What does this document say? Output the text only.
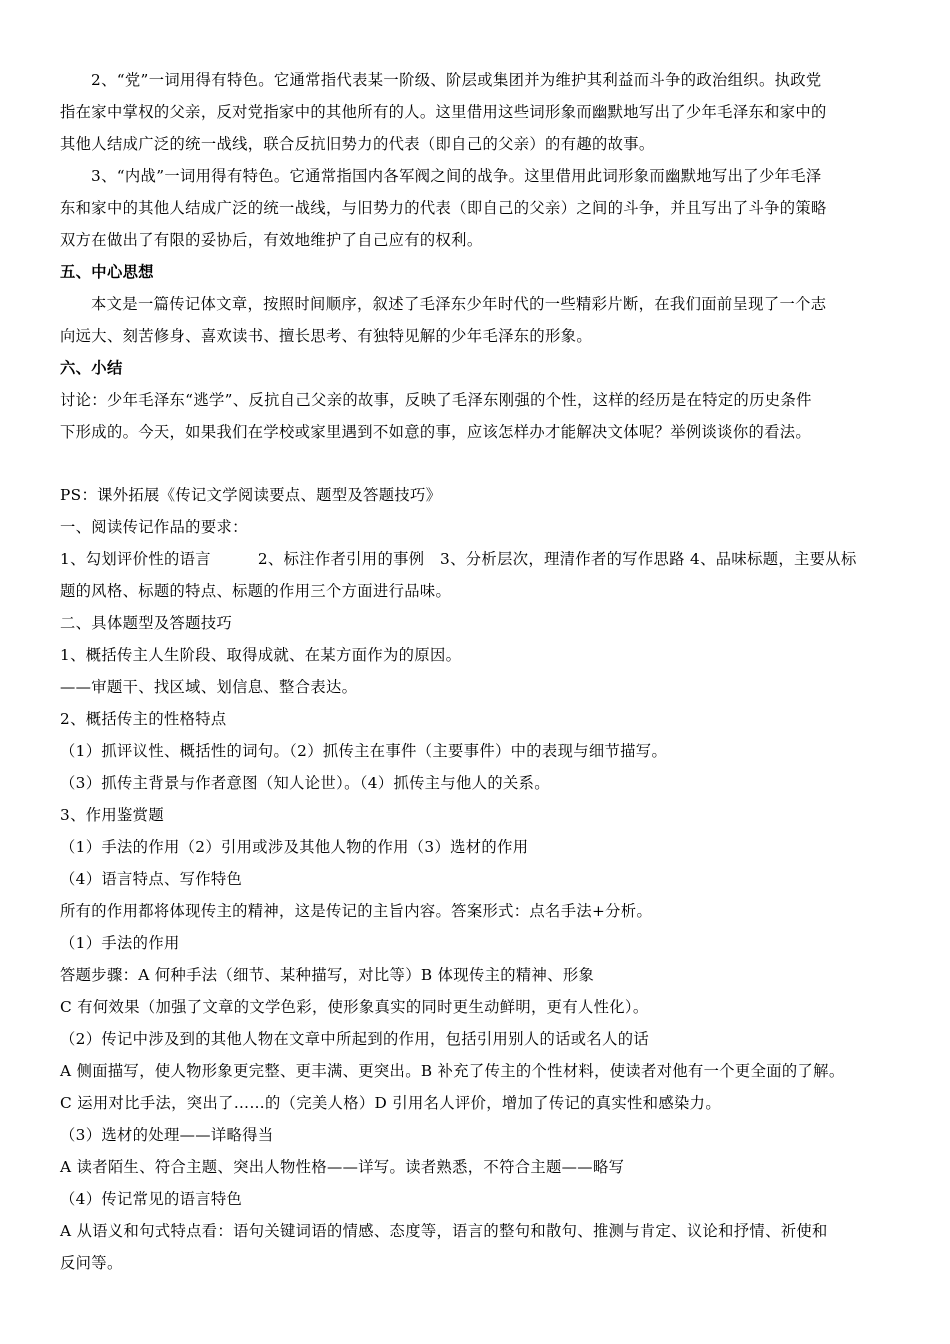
2、“党”一词用得有特色。它通常指代表某一阶级、阶层或集团并为维护其利益而斗争的政治组织。执政党
指在家中掌权的父亲，反对党指家中的其他所有的人。这里借用这些词形象而幽默地写出了少年毛泽东和家中的
其他人结成广泛的统一战线，联合反抗旧势力的代表（即自己的父亲）的有趣的故事。
3、“内战”一词用得有特色。它通常指国内各军阀之间的战争。这里借用此词形象而幽默地写出了少年毛泽
东和家中的其他人结成广泛的统一战线，与旧势力的代表（即自己的父亲）之间的斗争，并且写出了斗争的策略
双方在做出了有限的妥协后，有效地维护了自己应有的权利。
五、中心思想
本文是一篇传记体文章，按照时间顺序，叙述了毛泽东少年时代的一些精彩片断，在我们面前呈现了一个志
向远大、刻苦修身、喜欢读书、擅长思考、有独特见解的少年毛泽东的形象。
六、小结
讨论：少年毛泽东“逃学”、反抗自己父亲的故事，反映了毛泽东刚强的个性，这样的经历是在特定的历史条件
下形成的。今天，如果我们在学校或家里遇到不如意的事，应该怎样办才能解决文体呢？举例谈谈你的看法。
PS：课外拓展《传记文学阅读要点、题型及答题技巧》
一、阅读传记作品的要求：
1、勾划评价性的语言　　　2、标注作者引用的事例　3、分析层次，理清作者的写作思路 4、品味标题，主要从标
题的风格、标题的特点、标题的作用三个方面进行品味。
二、具体题型及答题技巧
1、概括传主人生阶段、取得成就、在某方面作为的原因。
——审题干、找区域、划信息、整合表达。
2、概括传主的性格特点
（1）抓评议性、概括性的词句。（2）抓传主在事件（主要事件）中的表现与细节描写。
（3）抓传主背景与作者意图（知人论世）。（4）抓传主与他人的关系。
3、作用鉴赏题
（1）手法的作用（2）引用或涉及其他人物的作用（3）选材的作用
（4）语言特点、写作特色
所有的作用都将体现传主的精神，这是传记的主旨内容。答案形式：点名手法+分析。
（1）手法的作用
答题步骤：A 何种手法（细节、某种描写，对比等）B 体现传主的精神、形象
C 有何效果（加强了文章的文学色彩，使形象真实的同时更生动鲜明，更有人性化）。
（2）传记中涉及到的其他人物在文章中所起到的作用，包括引用别人的话或名人的话
A 侧面描写，使人物形象更完整、更丰满、更突出。B 补充了传主的个性材料，使读者对他有一个更全面的了解。
C 运用对比手法，突出了……的（完美人格）D 引用名人评价，增加了传记的真实性和感染力。
（3）选材的处理——详略得当
A 读者陌生、符合主题、突出人物性格——详写。读者熟悉，不符合主题——略写
（4）传记常见的语言特色
A 从语义和句式特点看：语句关键词语的情感、态度等，语言的整句和散句、推测与肯定、议论和抒情、祈使和
反问等。
